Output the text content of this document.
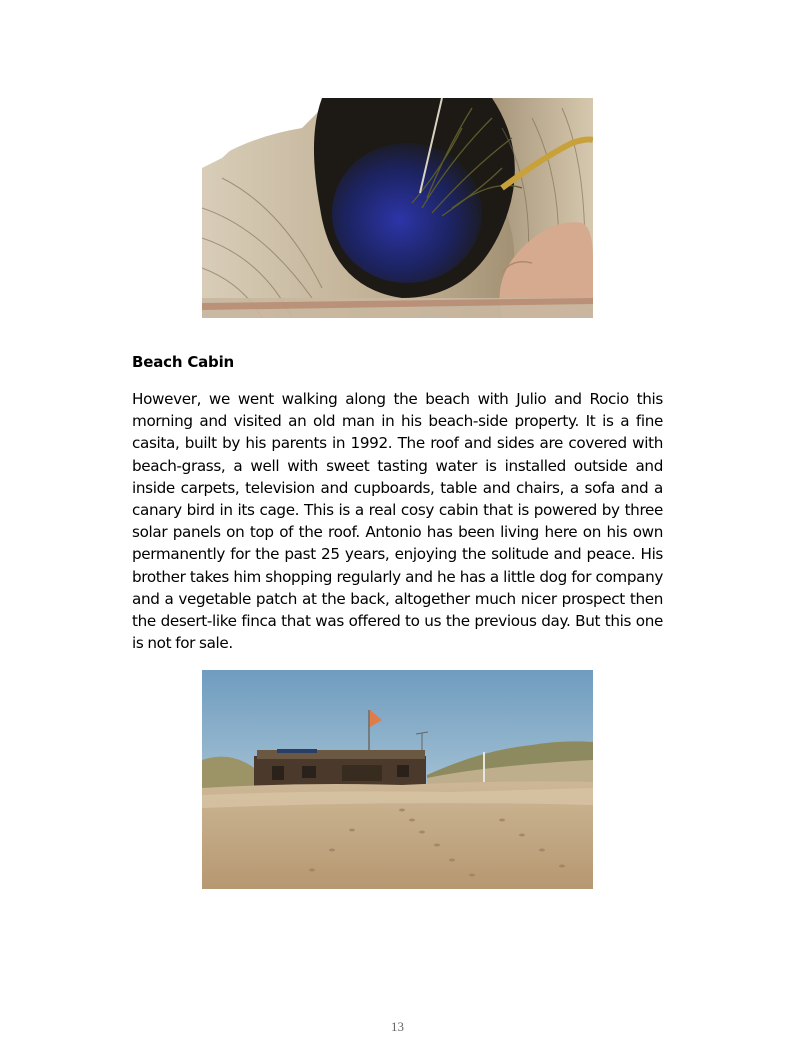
Beach Cabin
However, we went walking along the beach with Julio and Rocio this morning and visited an old man in his beach-side property. It is a fine casita, built by his parents in 1992. The roof and sides are covered with beach-grass, a well with sweet tasting water is installed outside and inside carpets, television and cupboards, table and chairs, a sofa and a canary bird in its cage. This is a real cosy cabin that is powered by three solar panels on top of the roof. Antonio has been living here on his own permanently for the past 25 years, enjoying the solitude and peace. His brother takes him shopping regularly and he has a little dog for company and a vegetable patch at the back, altogether much nicer prospect then the desert-like finca that was offered to us the previous day. But this one is not for sale.
13
